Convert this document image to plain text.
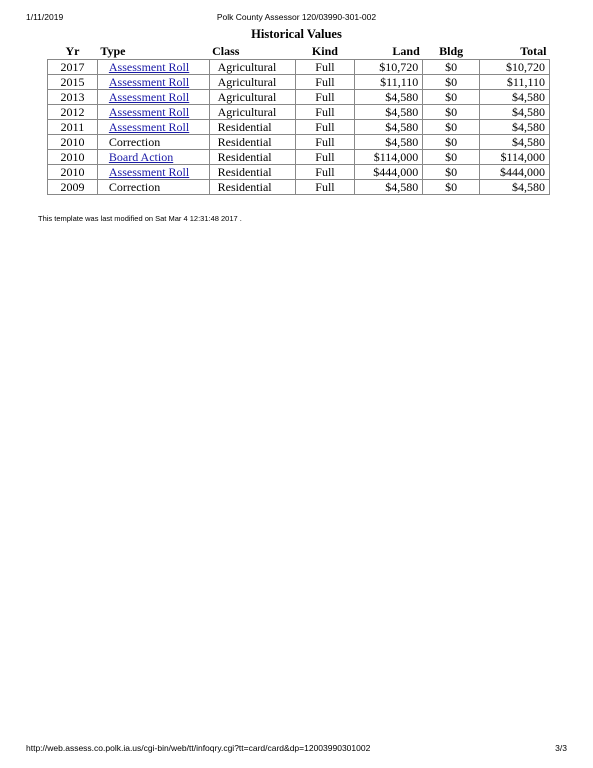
1/11/2019	Polk County Assessor 120/03990-301-002
Historical Values
Yr	Type	Class	Kind	Land	Bldg	Total
2017	Assessment Roll	Agricultural	Full	$10,720	$0	$10,720
2015	Assessment Roll	Agricultural	Full	$11,110	$0	$11,110
2013	Assessment Roll	Agricultural	Full	$4,580	$0	$4,580
2012	Assessment Roll	Agricultural	Full	$4,580	$0	$4,580
2011	Assessment Roll	Residential	Full	$4,580	$0	$4,580
2010	Correction	Residential	Full	$4,580	$0	$4,580
2010	Board Action	Residential	Full	$114,000	$0	$114,000
2010	Assessment Roll	Residential	Full	$444,000	$0	$444,000
2009	Correction	Residential	Full	$4,580	$0	$4,580
This template was last modified on Sat Mar 4 12:31:48 2017 .
http://web.assess.co.polk.ia.us/cgi-bin/web/tt/infoqry.cgi?tt=card/card&dp=12003990301002	3/3
